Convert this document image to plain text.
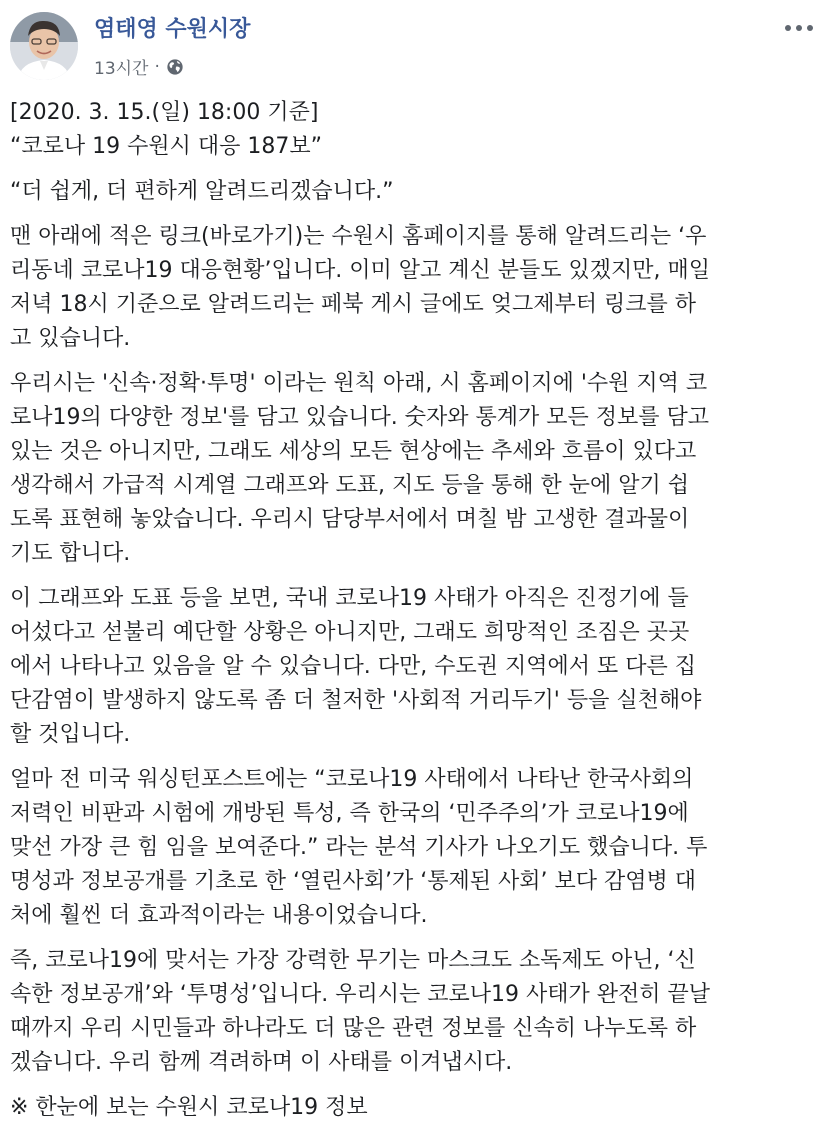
염태영 수원시장
13시간 ·

[2020. 3. 15.(일) 18:00 기준]

“코로나 19 수원시 대응 187보”

“더 쉽게, 더 편하게 알려드리겠습니다.”

맨 아래에 적은 링크(바로가기)는 수원시 홈페이지를 통해 알려드리는 ‘우
리동네 코로나19 대응현황’입니다. 이미 알고 계신 분들도 있겠지만, 매일
저녁 18시 기준으로 알려드리는 페북 게시 글에도 엊그제부터 링크를 하
고 있습니다.

우리시는 '신속·정확·투명' 이라는 원칙 아래, 시 홈페이지에 '수원 지역 코
로나19의 다양한 정보'를 담고 있습니다. 숫자와 통계가 모든 정보를 담고
있는 것은 아니지만, 그래도 세상의 모든 현상에는 추세와 흐름이 있다고
생각해서 가급적 시계열 그래프와 도표, 지도 등을 통해 한 눈에 알기 쉽
도록 표현해 놓았습니다. 우리시 담당부서에서 며칠 밤 고생한 결과물이
기도 합니다.

이 그래프와 도표 등을 보면, 국내 코로나19 사태가 아직은 진정기에 들
어섰다고 섣불리 예단할 상황은 아니지만, 그래도 희망적인 조짐은 곳곳
에서 나타나고 있음을 알 수 있습니다. 다만, 수도권 지역에서 또 다른 집
단감염이 발생하지 않도록 좀 더 철저한 '사회적 거리두기' 등을 실천해야
할 것입니다.

얼마 전 미국 워싱턴포스트에는 “코로나19 사태에서 나타난 한국사회의
저력인 비판과 시험에 개방된 특성, 즉 한국의 ‘민주주의’가 코로나19에
맞선 가장 큰 힘 임을 보여준다.” 라는 분석 기사가 나오기도 했습니다. 투
명성과 정보공개를 기초로 한 ‘열린사회’가 ‘통제된 사회’ 보다 감염병 대
처에 훨씬 더 효과적이라는 내용이었습니다.

즉, 코로나19에 맞서는 가장 강력한 무기는 마스크도 소독제도 아닌, ‘신
속한 정보공개’와 ‘투명성’입니다. 우리시는 코로나19 사태가 완전히 끝날
때까지 우리 시민들과 하나라도 더 많은 관련 정보를 신속히 나누도록 하
겠습니다. 우리 함께 격려하며 이 사태를 이겨냅시다.

※ 한눈에 보는 수원시 코로나19 정보
